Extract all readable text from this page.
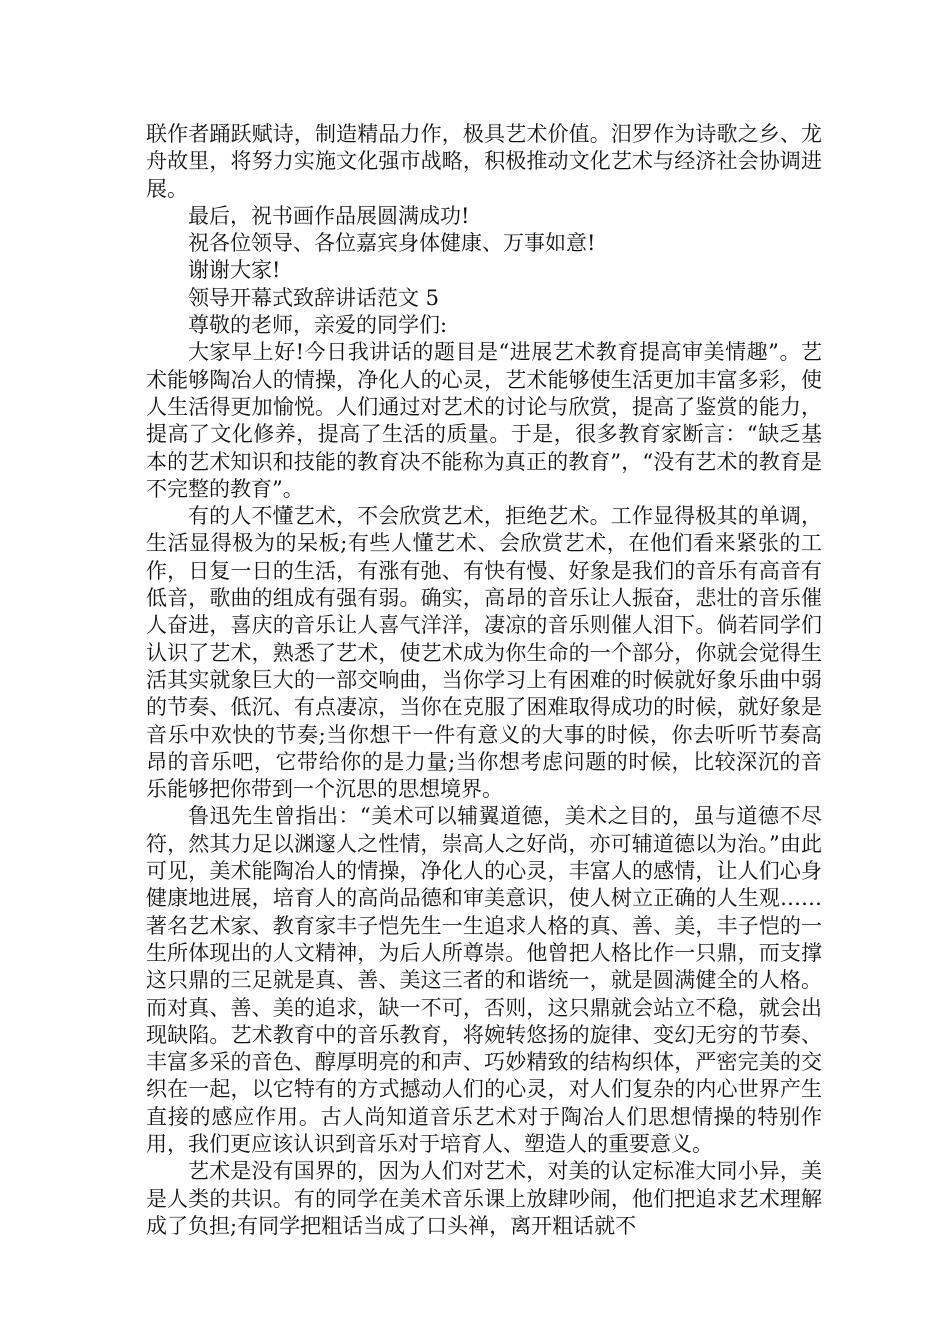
联作者踊跃赋诗，制造精品力作，极具艺术价值。汨罗作为诗歌之乡、龙舟故里，将努力实施文化强市战略，积极推动文化艺术与经济社会协调进展。

最后，祝书画作品展圆满成功!

祝各位领导、各位嘉宾身体健康、万事如意!

谢谢大家!

领导开幕式致辞讲话范文 5

尊敬的老师，亲爱的同学们:

大家早上好!今日我讲话的题目是“进展艺术教育提高审美情趣”。艺术能够陶冶人的情操，净化人的心灵，艺术能够使生活更加丰富多彩，使人生活得更加愉悦。人们通过对艺术的讨论与欣赏，提高了鉴赏的能力，提高了文化修养，提高了生活的质量。于是，很多教育家断言：“缺乏基本的艺术知识和技能的教育决不能称为真正的教育”，“没有艺术的教育是不完整的教育”。

有的人不懂艺术，不会欣赏艺术，拒绝艺术。工作显得极其的单调，生活显得极为的呆板;有些人懂艺术、会欣赏艺术，在他们看来紧张的工作，日复一日的生活，有涨有弛、有快有慢、好象是我们的音乐有高音有低音，歌曲的组成有强有弱。确实，高昂的音乐让人振奋，悲壮的音乐催人奋进，喜庆的音乐让人喜气洋洋，凄凉的音乐则催人泪下。倘若同学们认识了艺术，熟悉了艺术，使艺术成为你生命的一个部分，你就会觉得生活其实就象巨大的一部交响曲，当你学习上有困难的时候就好象乐曲中弱的节奏、低沉、有点凄凉，当你在克服了困难取得成功的时候，就好象是音乐中欢快的节奏;当你想干一件有意义的大事的时候，你去听听节奏高昂的音乐吧，它带给你的是力量;当你想考虑问题的时候，比较深沉的音乐能够把你带到一个沉思的思想境界。

鲁迅先生曾指出：“美术可以辅翼道德，美术之目的，虽与道德不尽符，然其力足以渊邃人之性情，崇高人之好尚，亦可辅道德以为治。”由此可见，美术能陶冶人的情操，净化人的心灵，丰富人的感情，让人们心身健康地进展，培育人的高尚品德和审美意识，使人树立正确的人生观……著名艺术家、教育家丰子恺先生一生追求人格的真、善、美，丰子恺的一生所体现出的人文精神，为后人所尊崇。他曾把人格比作一只鼎，而支撑这只鼎的三足就是真、善、美这三者的和谐统一，就是圆满健全的人格。而对真、善、美的追求，缺一不可，否则，这只鼎就会站立不稳，就会出现缺陷。艺术教育中的音乐教育，将婉转悠扬的旋律、变幻无穷的节奏、丰富多采的音色、醇厚明亮的和声、巧妙精致的结构织体，严密完美的交织在一起，以它特有的方式撼动人们的心灵，对人们复杂的内心世界产生直接的感应作用。古人尚知道音乐艺术对于陶冶人们思想情操的特别作用，我们更应该认识到音乐对于培育人、塑造人的重要意义。

艺术是没有国界的，因为人们对艺术，对美的认定标准大同小异，美是人类的共识。有的同学在美术音乐课上放肆吵闹，他们把追求艺术理解成了负担;有同学把粗话当成了口头禅，离开粗话就不
